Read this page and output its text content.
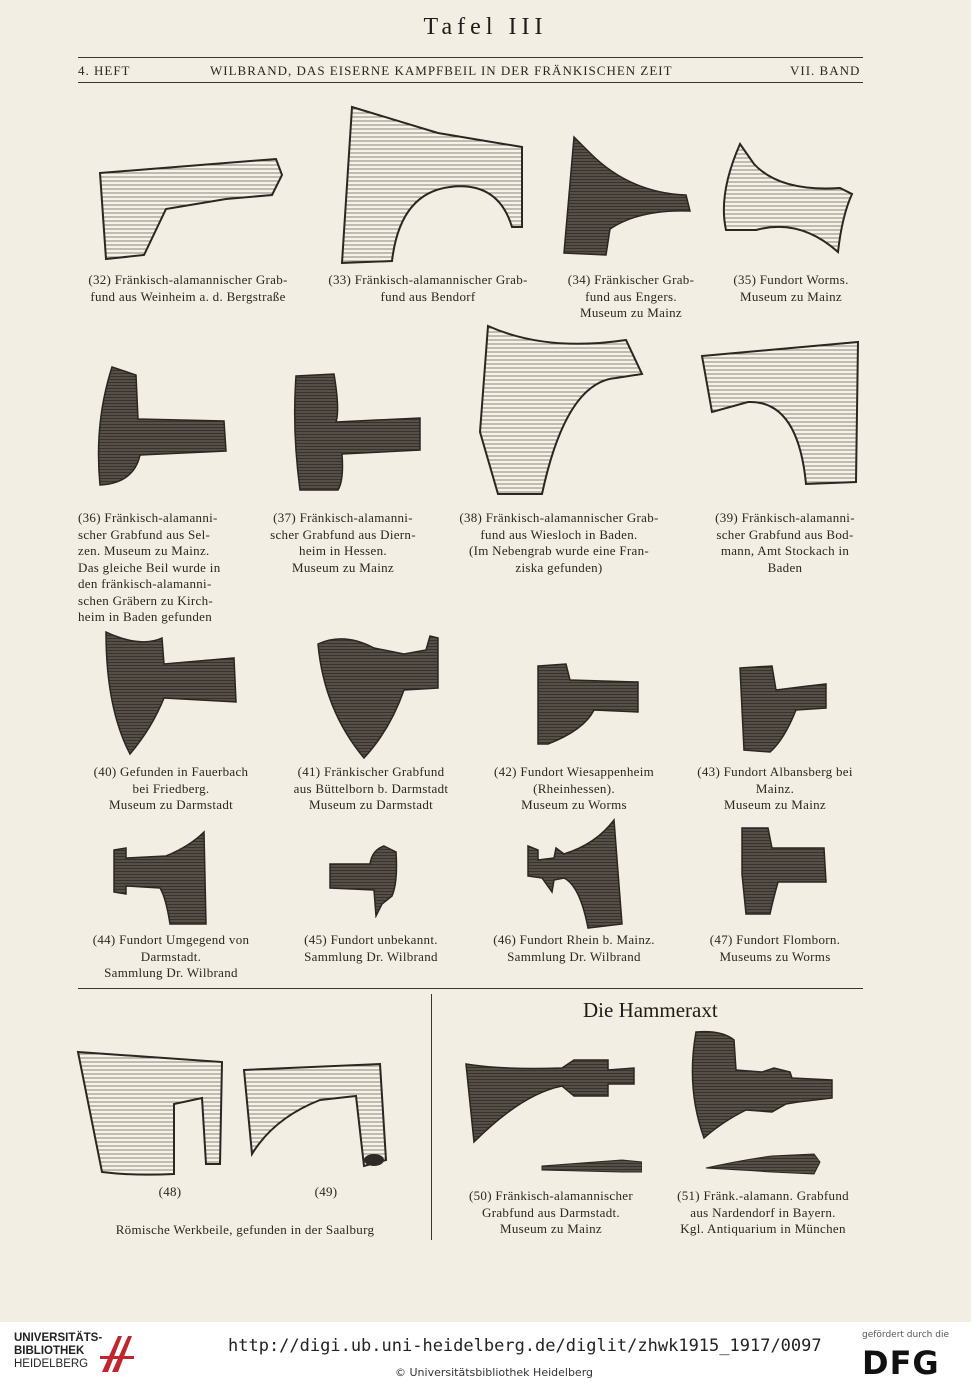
Tafel III
4. HEFT	WILBRAND, DAS EISERNE KAMPFBEIL IN DER FRÄNKISCHEN ZEIT	VII. BAND
(32) Fränkisch-alamannischer Grab-
fund aus Weinheim a. d. Bergstraße
(33) Fränkisch-alamannischer Grab-
fund aus Bendorf
(34) Fränkischer Grab-
fund aus Engers.
Museum zu Mainz
(35) Fundort Worms.
Museum zu Mainz
(36) Fränkisch-alamanni-
scher Grabfund aus Sel-
zen. Museum zu Mainz.
Das gleiche Beil wurde in
den fränkisch-alamanni-
schen Gräbern zu Kirch-
heim in Baden gefunden
(37) Fränkisch-alamanni-
scher Grabfund aus Diern-
heim in Hessen.
Museum zu Mainz
(38) Fränkisch-alamannischer Grab-
fund aus Wiesloch in Baden.
(Im Nebengrab wurde eine Fran-
ziska gefunden)
(39) Fränkisch-alamanni-
scher Grabfund aus Bod-
mann, Amt Stockach in
Baden
(40) Gefunden in Fauerbach
bei Friedberg.
Museum zu Darmstadt
(41) Fränkischer Grabfund
aus Büttelborn b. Darmstadt
Museum zu Darmstadt
(42) Fundort Wiesappenheim
(Rheinhessen).
Museum zu Worms
(43) Fundort Albansberg bei
Mainz.
Museum zu Mainz
(44) Fundort Umgegend von
Darmstadt.
Sammlung Dr. Wilbrand
(45) Fundort unbekannt.
Sammlung Dr. Wilbrand
(46) Fundort Rhein b. Mainz.
Sammlung Dr. Wilbrand
(47) Fundort Flomborn.
Museums zu Worms
(48)	(49)
Römische Werkbeile, gefunden in der Saalburg
Die Hammeraxt
(50) Fränkisch-alamannischer
Grabfund aus Darmstadt.
Museum zu Mainz
(51) Fränk.-alamann. Grabfund
aus Nardendorf in Bayern.
Kgl. Antiquarium in München
UNIVERSITÄTS-
BIBLIOTHEK
HEIDELBERG
http://digi.ub.uni-heidelberg.de/diglit/zhwk1915_1917/0097
© Universitätsbibliothek Heidelberg
gefördert durch die
DFG
